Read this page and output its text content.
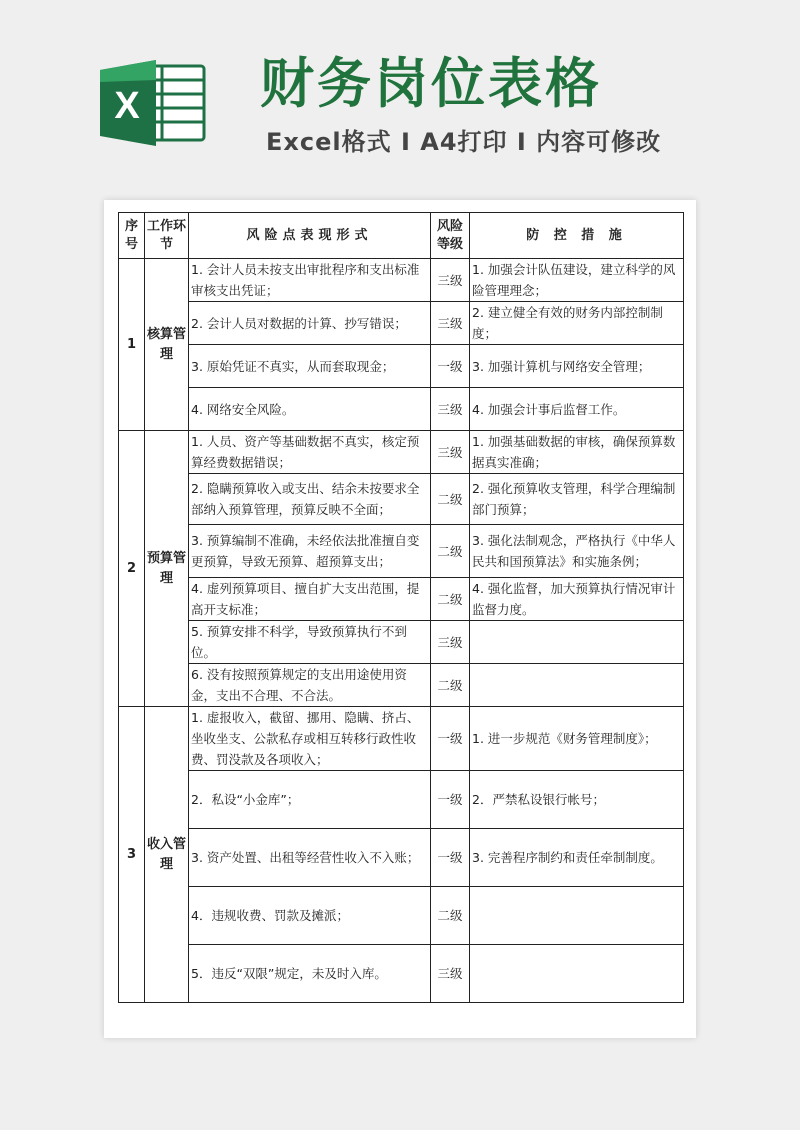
X 财务岗位表格
Excel格式 I A4打印 I 内容可修改
序号	工作环节	风险点表现形式	风险等级	防 控 措 施
1	核算管理	1. 会计人员未按支出审批程序和支出标准审核支出凭证；	三级	1. 加强会计队伍建设，建立科学的风险管理理念；
		2. 会计人员对数据的计算、抄写错误；	三级	2. 建立健全有效的财务内部控制制度；
		3. 原始凭证不真实，从而套取现金；	一级	3. 加强计算机与网络安全管理；
		4. 网络安全风险。	三级	4. 加强会计事后监督工作。
2	预算管理	1. 人员、资产等基础数据不真实，核定预算经费数据错误；	三级	1. 加强基础数据的审核，确保预算数据真实准确；
		2. 隐瞒预算收入或支出、结余未按要求全部纳入预算管理，预算反映不全面；	二级	2. 强化预算收支管理，科学合理编制部门预算；
		3. 预算编制不准确，未经依法批准擅自变更预算，导致无预算、超预算支出；	二级	3. 强化法制观念，严格执行《中华人民共和国预算法》和实施条例；
		4. 虚列预算项目、擅自扩大支出范围，提高开支标准；	二级	4. 强化监督，加大预算执行情况审计监督力度。
		5. 预算安排不科学，导致预算执行不到位。	三级	
		6. 没有按照预算规定的支出用途使用资金，支出不合理、不合法。	二级	
3	收入管理	1. 虚报收入，截留、挪用、隐瞒、挤占、坐收坐支、公款私存或相互转移行政性收费、罚没款及各项收入；	一级	1. 进一步规范《财务管理制度》；
		2．私设“小金库”；	一级	2．严禁私设银行帐号；
		3. 资产处置、出租等经营性收入不入账；	一级	3. 完善程序制约和责任牵制制度。
		4．违规收费、罚款及摊派；	二级	
		5．违反“双限”规定，未及时入库。	三级	
